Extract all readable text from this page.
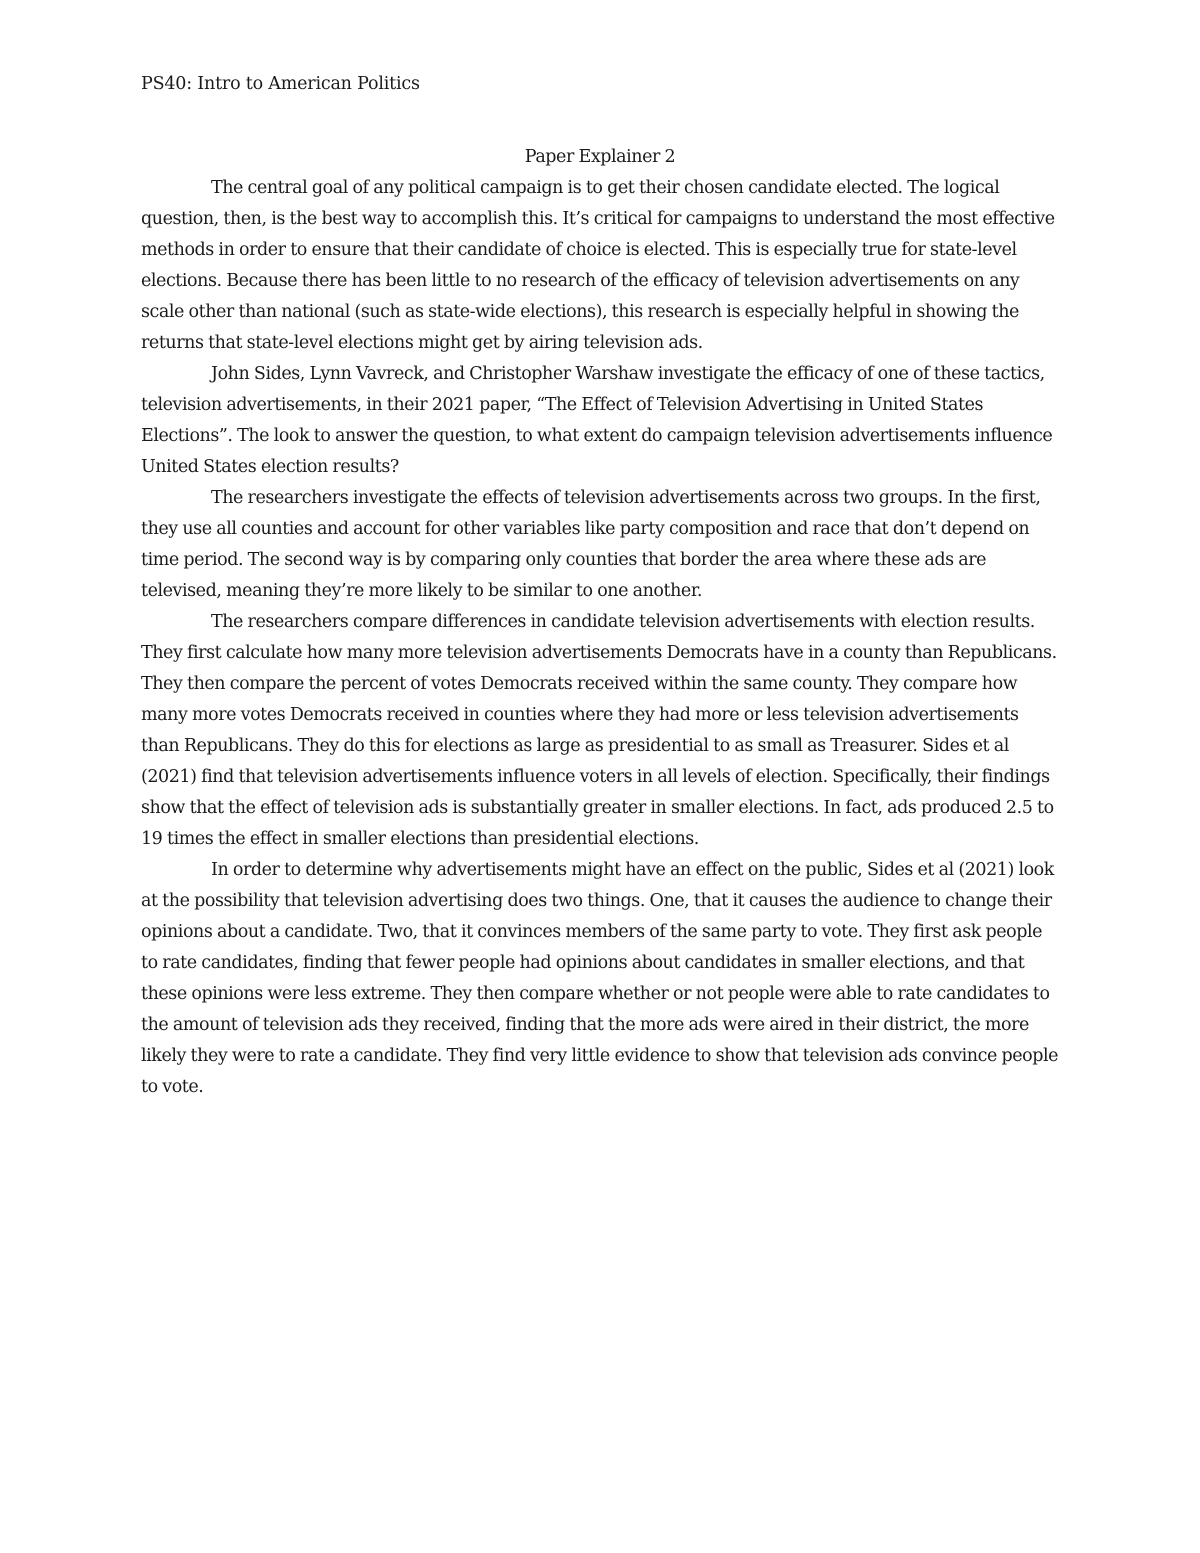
PS40: Intro to American Politics

Paper Explainer 2

The central goal of any political campaign is to get their chosen candidate elected. The logical question, then, is the best way to accomplish this. It’s critical for campaigns to understand the most effective methods in order to ensure that their candidate of choice is elected. This is especially true for state-level elections. Because there has been little to no research of the efficacy of television advertisements on any scale other than national (such as state-wide elections), this research is especially helpful in showing the returns that state-level elections might get by airing television ads.

John Sides, Lynn Vavreck, and Christopher Warshaw investigate the efficacy of one of these tactics, television advertisements, in their 2021 paper, “The Effect of Television Advertising in United States Elections”. The look to answer the question, to what extent do campaign television advertisements influence United States election results?

The researchers investigate the effects of television advertisements across two groups. In the first, they use all counties and account for other variables like party composition and race that don’t depend on time period. The second way is by comparing only counties that border the area where these ads are televised, meaning they’re more likely to be similar to one another.

The researchers compare differences in candidate television advertisements with election results. They first calculate how many more television advertisements Democrats have in a county than Republicans. They then compare the percent of votes Democrats received within the same county. They compare how many more votes Democrats received in counties where they had more or less television advertisements than Republicans. They do this for elections as large as presidential to as small as Treasurer. Sides et al (2021) find that television advertisements influence voters in all levels of election. Specifically, their findings show that the effect of television ads is substantially greater in smaller elections. In fact, ads produced 2.5 to 19 times the effect in smaller elections than presidential elections.

In order to determine why advertisements might have an effect on the public, Sides et al (2021) look at the possibility that television advertising does two things. One, that it causes the audience to change their opinions about a candidate. Two, that it convinces members of the same party to vote. They first ask people to rate candidates, finding that fewer people had opinions about candidates in smaller elections, and that these opinions were less extreme. They then compare whether or not people were able to rate candidates to the amount of television ads they received, finding that the more ads were aired in their district, the more likely they were to rate a candidate. They find very little evidence to show that television ads convince people to vote.
